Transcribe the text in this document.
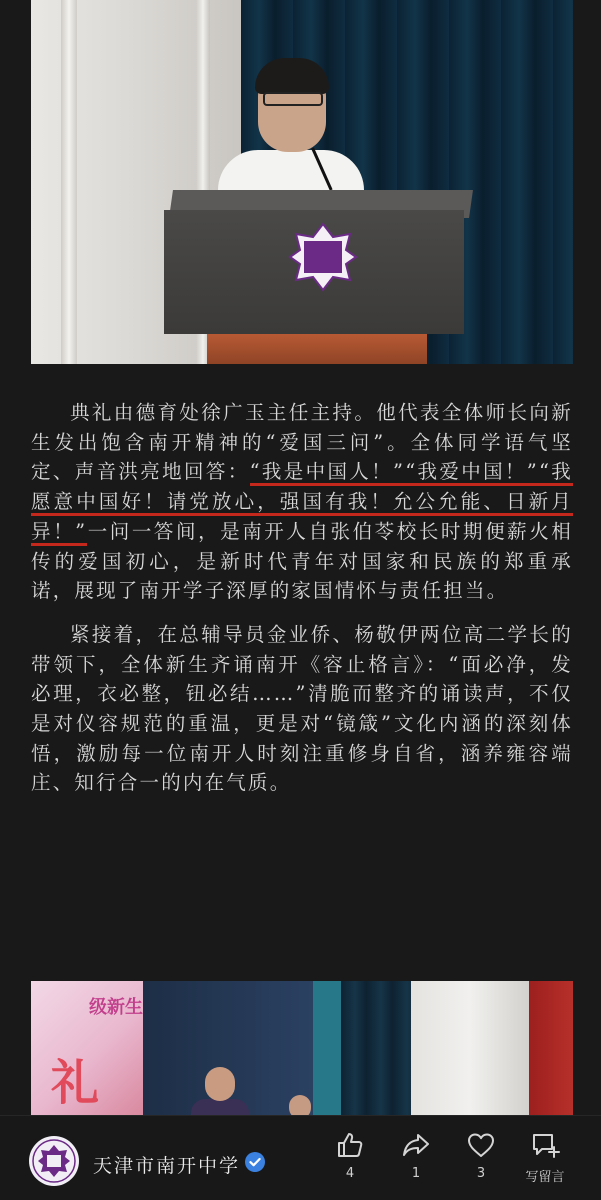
典礼由德育处徐广玉主任主持。他代表全体师长向新生发出饱含南开精神的“爱国三问”。全体同学语气坚定、声音洪亮地回答：“我是中国人！”“我爱中国！”“我愿意中国好！请党放心，强国有我！允公允能、日新月异！”一问一答间，是南开人自张伯苓校长时期便薪火相传的爱国初心，是新时代青年对国家和民族的郑重承诺，展现了南开学子深厚的家国情怀与责任担当。

紧接着，在总辅导员金业侨、杨敬伊两位高二学长的带领下，全体新生齐诵南开《容止格言》：“面必净，发必理，衣必整，钮必结……”清脆而整齐的诵读声，不仅是对仪容规范的重温，更是对“镜箴”文化内涵的深刻体悟，激励每一位南开人时刻注重修身自省，涵养雍容端庄、知行合一的内在气质。

级新生
礼
天津市南开中学	4	1	3	写留言
